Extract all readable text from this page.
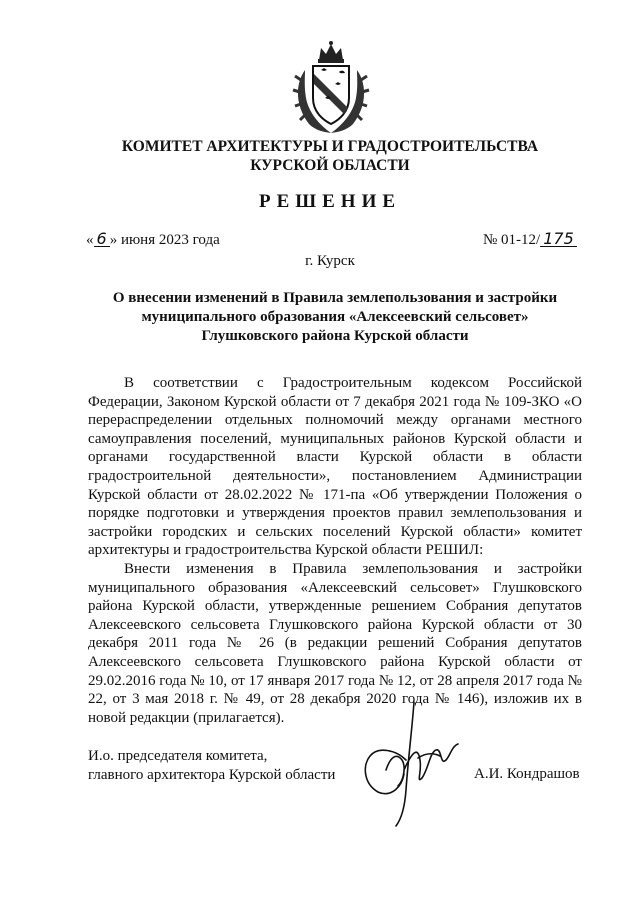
КОМИТЕТ АРХИТЕКТУРЫ И ГРАДОСТРОИТЕЛЬСТВА
КУРСКОЙ ОБЛАСТИ
РЕШЕНИЕ
« 6 » июня 2023 года	№ 01-12/ 175
г. Курск
О внесении изменений в Правила землепользования и застройки
муниципального образования «Алексеевский сельсовет»
Глушковского района Курской области

В соответствии с Градостроительным кодексом Российской Федерации, Законом Курской области от 7 декабря 2021 года № 109-ЗКО «О перераспределении отдельных полномочий между органами местного самоуправления поселений, муниципальных районов Курской области и органами государственной власти Курской области в области градостроительной деятельности», постановлением Администрации Курской области от 28.02.2022 № 171-па «Об утверждении Положения о порядке подготовки и утверждения проектов правил землепользования и застройки городских и сельских поселений Курской области» комитет архитектуры и градостроительства Курской области РЕШИЛ:

Внести изменения в Правила землепользования и застройки муниципального образования «Алексеевский сельсовет» Глушковского района Курской области, утвержденные решением Собрания депутатов Алексеевского сельсовета Глушковского района Курской области от 30 декабря 2011 года № 26 (в редакции решений Собрания депутатов Алексеевского сельсовета Глушковского района Курской области от 29.02.2016 года № 10, от 17 января 2017 года № 12, от 28 апреля 2017 года № 22, от 3 мая 2018 г. № 49, от 28 декабря 2020 года № 146), изложив их в новой редакции (прилагается).

И.о. председателя комитета,
главного архитектора Курской области	А.И. Кондрашов
